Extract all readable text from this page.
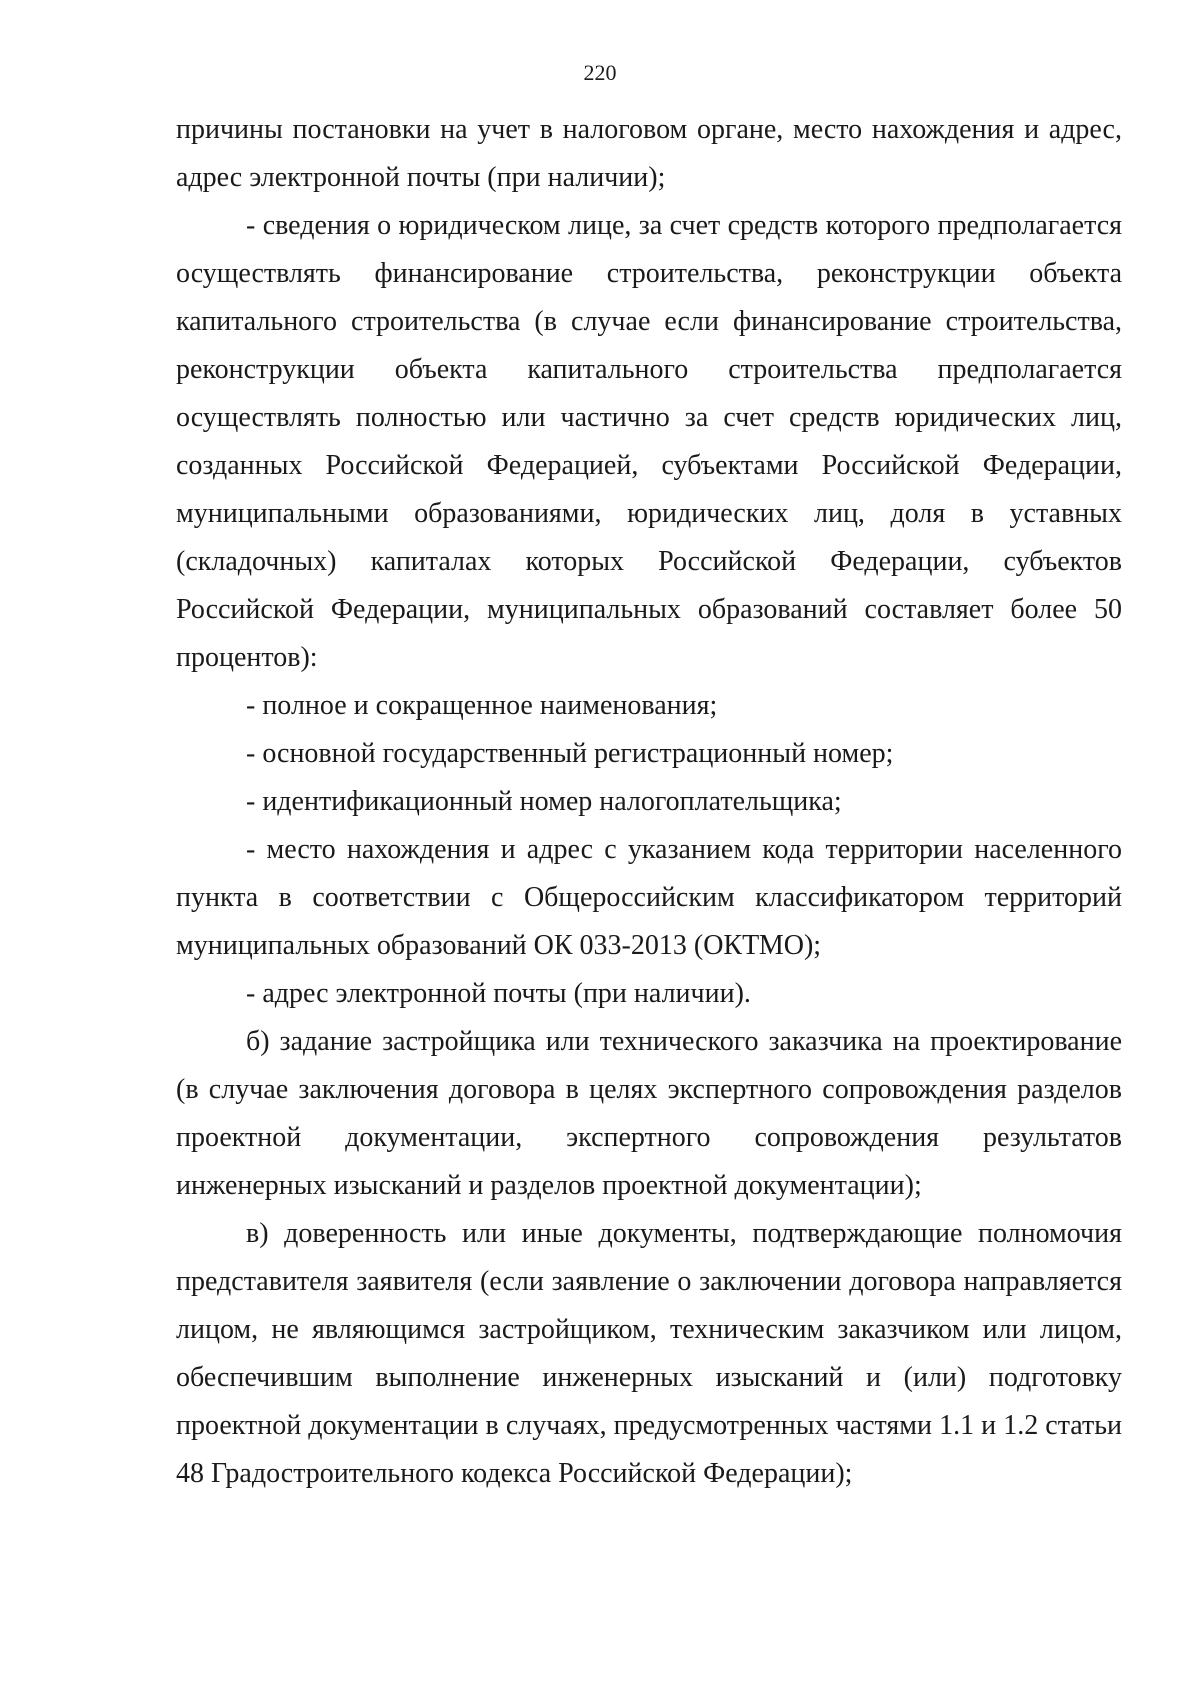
220

причины постановки на учет в налоговом органе, место нахождения и адрес, адрес электронной почты (при наличии);

- сведения о юридическом лице, за счет средств которого предполагается осуществлять финансирование строительства, реконструкции объекта капитального строительства (в случае если финансирование строительства, реконструкции объекта капитального строительства предполагается осуществлять полностью или частично за счет средств юридических лиц, созданных Российской Федерацией, субъектами Российской Федерации, муниципальными образованиями, юридических лиц, доля в уставных (складочных) капиталах которых Российской Федерации, субъектов Российской Федерации, муниципальных образований составляет более 50 процентов):

- полное и сокращенное наименования;

- основной государственный регистрационный номер;

- идентификационный номер налогоплательщика;

- место нахождения и адрес с указанием кода территории населенного пункта в соответствии с Общероссийским классификатором территорий муниципальных образований ОК 033-2013 (ОКТМО);

- адрес электронной почты (при наличии).

б) задание застройщика или технического заказчика на проектирование (в случае заключения договора в целях экспертного сопровождения разделов проектной документации, экспертного сопровождения результатов инженерных изысканий и разделов проектной документации);

в) доверенность или иные документы, подтверждающие полномочия представителя заявителя (если заявление о заключении договора направляется лицом, не являющимся застройщиком, техническим заказчиком или лицом, обеспечившим выполнение инженерных изысканий и (или) подготовку проектной документации в случаях, предусмотренных частями 1.1 и 1.2 статьи 48 Градостроительного кодекса Российской Федерации);
